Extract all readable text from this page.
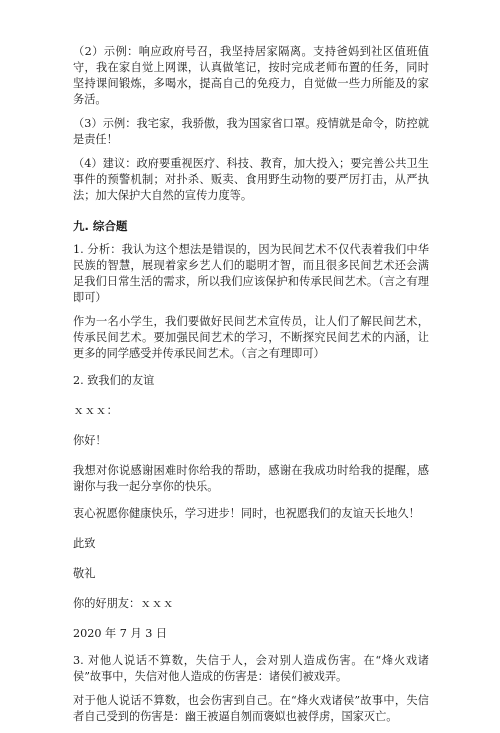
（2）示例：响应政府号召，我坚持居家隔离。支持爸妈到社区值班值守，我在家自觉上网课，认真做笔记，按时完成老师布置的任务，同时坚持课间锻炼，多喝水，提高自己的免疫力，自觉做一些力所能及的家务活。
（3）示例：我宅家，我骄傲，我为国家省口罩。疫情就是命令，防控就是责任！
（4）建议：政府要重视医疗、科技、教育，加大投入；要完善公共卫生事件的预警机制；对扑杀、贩卖、食用野生动物的要严厉打击，从严执法；加大保护大自然的宣传力度等。
九. 综合题
1. 分析：我认为这个想法是错误的，因为民间艺术不仅代表着我们中华民族的智慧，展现着家乡艺人们的聪明才智，而且很多民间艺术还会满足我们日常生活的需求，所以我们应该保护和传承民间艺术。（言之有理即可）
作为一名小学生，我们要做好民间艺术宣传员，让人们了解民间艺术，传承民间艺术。要加强民间艺术的学习，不断探究民间艺术的内涵，让更多的同学感受并传承民间艺术。（言之有理即可）
2. 致我们的友谊
ｘｘｘ：
你好！
我想对你说感谢困难时你给我的帮助，感谢在我成功时给我的提醒，感谢你与我一起分享你的快乐。
衷心祝愿你健康快乐，学习进步！同时，也祝愿我们的友谊天长地久！
此致
敬礼
你的好朋友：ｘｘｘ
2020 年 7 月 3 日
3. 对他人说话不算数，失信于人，会对别人造成伤害。在“烽火戏诸侯”故事中，失信对他人造成的伤害是：诸侯们被戏弄。
对于他人说话不算数，也会伤害到自己。在“烽火戏诸侯”故事中，失信者自己受到的伤害是：幽王被逼自刎而褒姒也被俘虏，国家灭亡。
